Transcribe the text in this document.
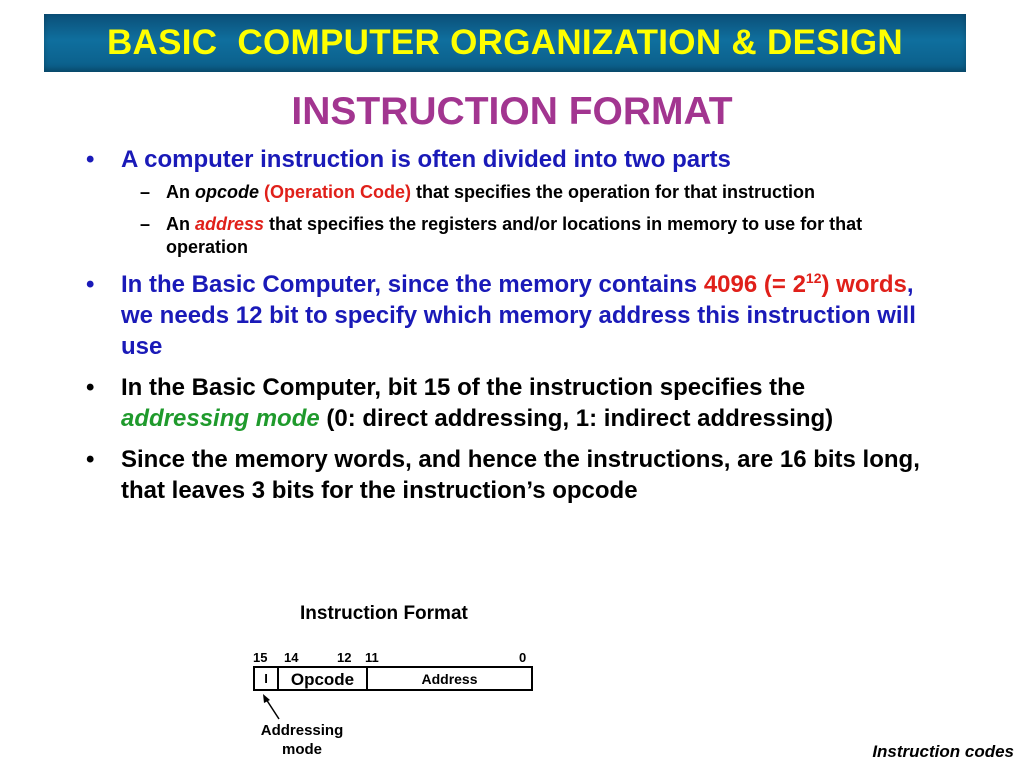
BASIC  COMPUTER ORGANIZATION & DESIGN
INSTRUCTION FORMAT
• A computer instruction is often divided into two parts
– An opcode (Operation Code) that specifies the operation for that instruction
– An address that specifies the registers and/or locations in memory to use for that operation
• In the Basic Computer, since the memory contains 4096 (= $2^{12}$) words, we needs 12 bit to specify which memory address this instruction will use
• In the Basic Computer, bit 15 of the instruction specifies the addressing mode (0: direct addressing, 1: indirect addressing)
• Since the memory words, and hence the instructions, are 16 bits long, that leaves 3 bits for the instruction’s opcode
Instruction Format
15 14	12 11	0
I	Opcode	Address
Addressing
mode	Instruction codes
